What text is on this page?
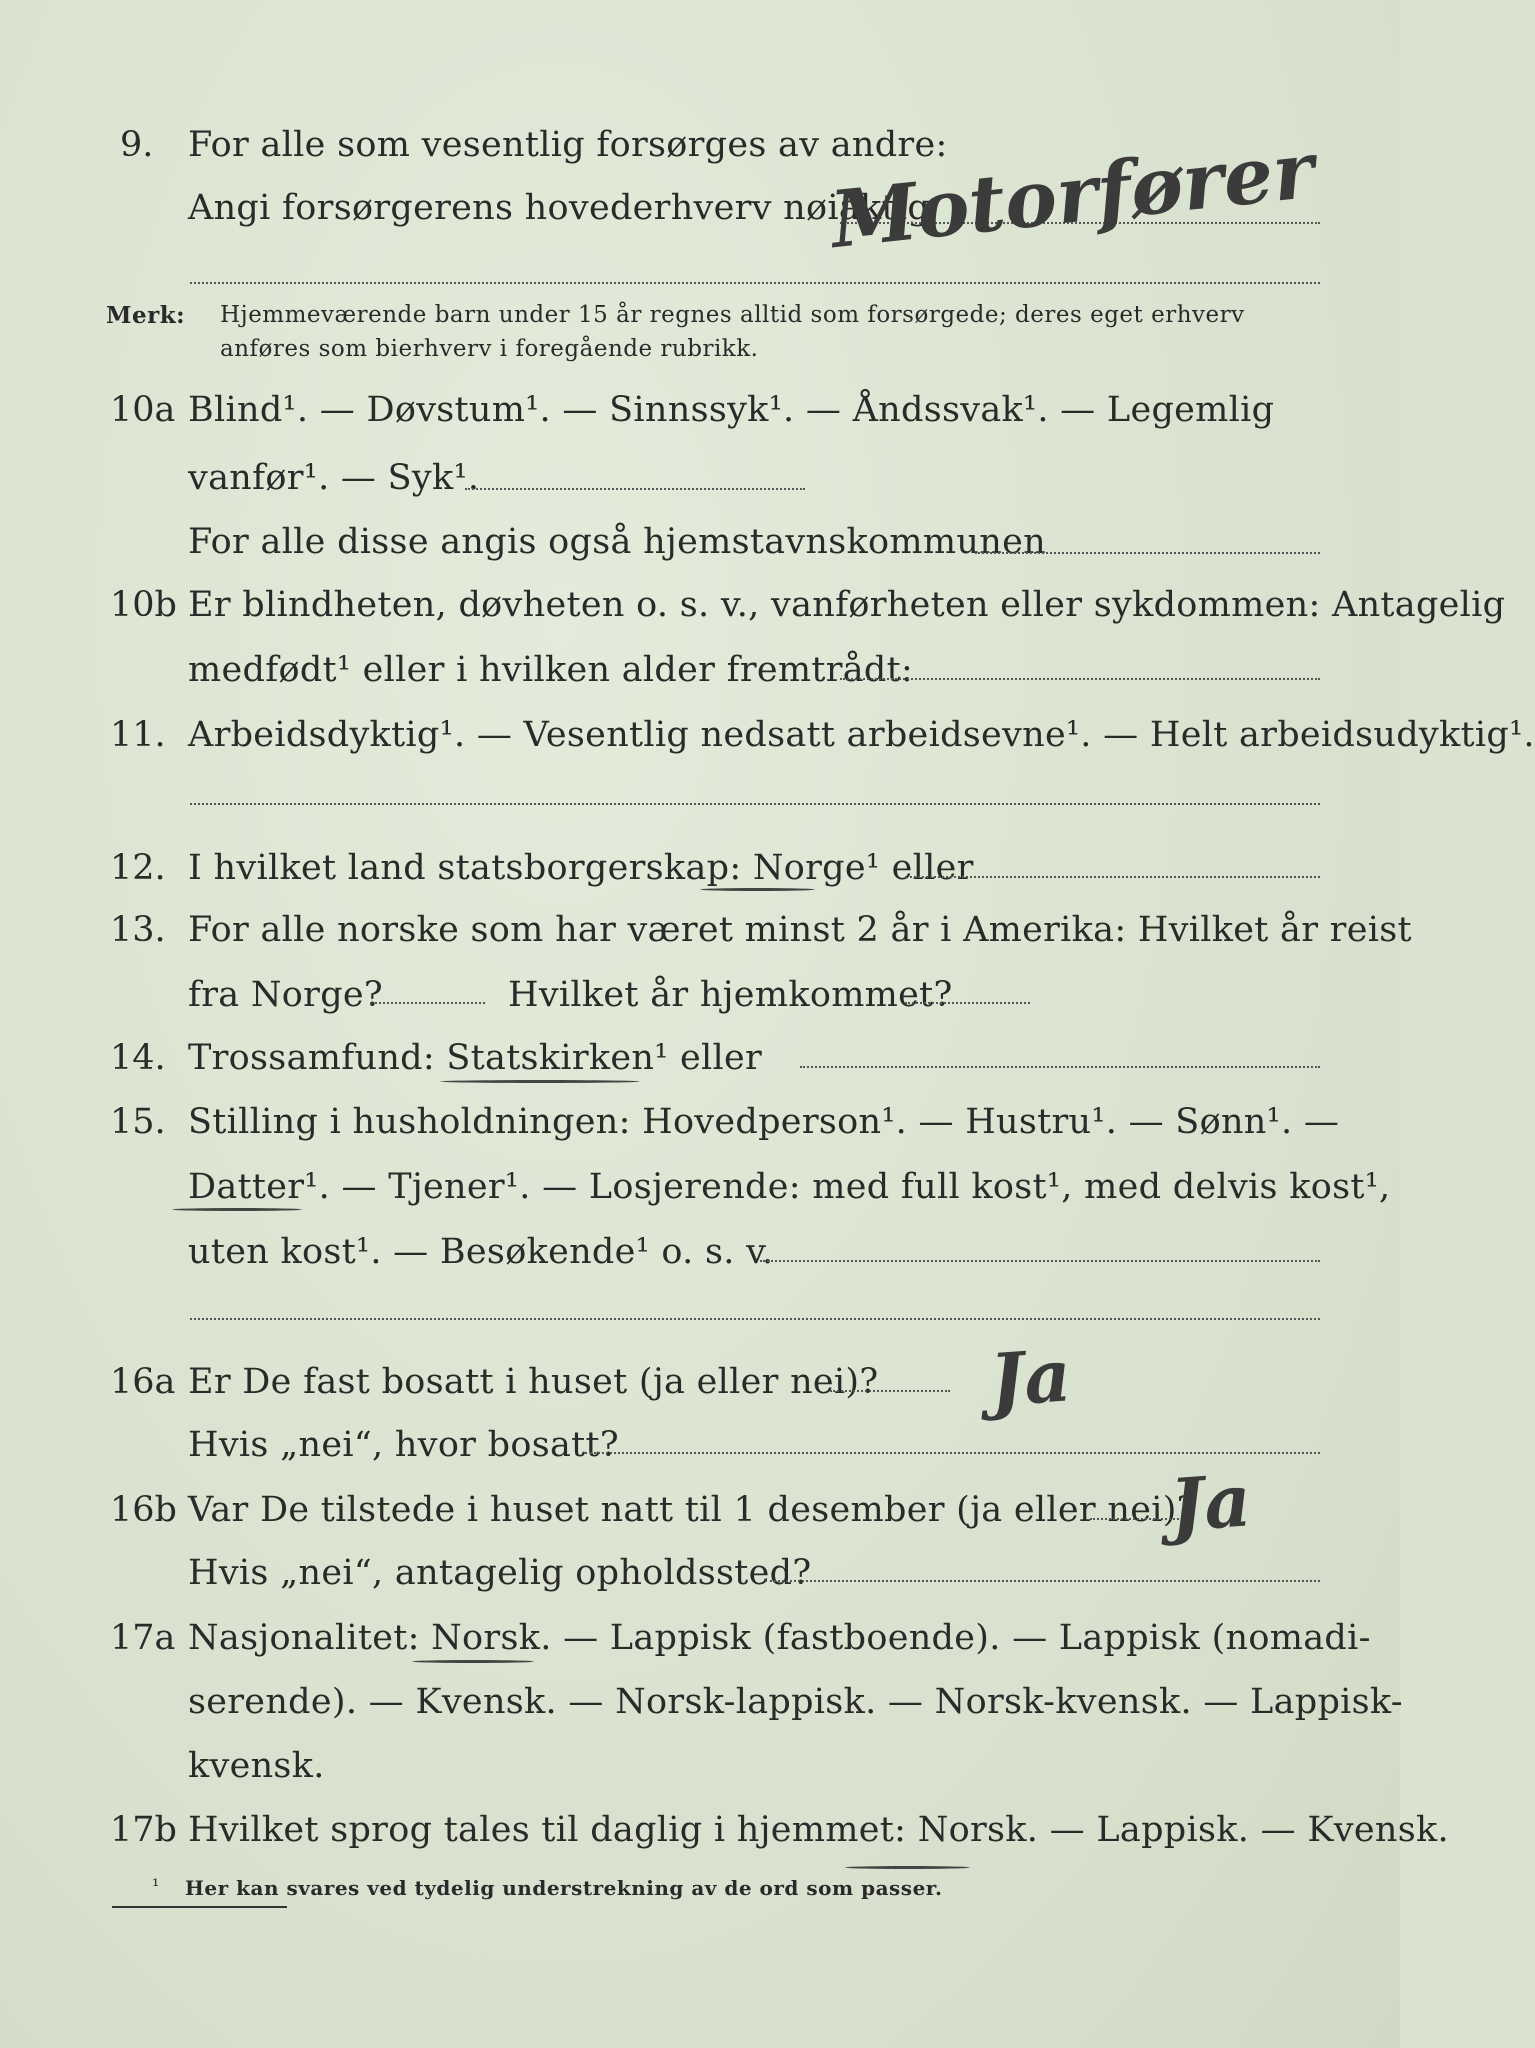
9. For alle som vesentlig forsørges av andre:
Angi forsørgerens hovederhverv nøiaktig
Motorfører
Merk: Hjemmeværende barn under 15 år regnes alltid som forsørgede; deres eget erhverv
anføres som bierhverv i foregående rubrikk.
10a Blind¹. — Døvstum¹. — Sinnssyk¹. — Åndssvak¹. — Legemlig
vanfør¹. — Syk¹.
For alle disse angis også hjemstavnskommunen
10b Er blindheten, døvheten o. s. v., vanførheten eller sykdommen: Antagelig
medfødt¹ eller i hvilken alder fremtrådt:
11. Arbeidsdyktig¹. — Vesentlig nedsatt arbeidsevne¹. — Helt arbeidsudyktig¹.
12. I hvilket land statsborgerskap: Norge¹ eller
13. For alle norske som har været minst 2 år i Amerika: Hvilket år reist
fra Norge?	Hvilket år hjemkommet?
14. Trossamfund: Statskirken¹ eller
15. Stilling i husholdningen: Hovedperson¹. — Hustru¹. — Sønn¹. —
Datter¹. — Tjener¹. — Losjerende: med full kost¹, med delvis kost¹,
uten kost¹. — Besøkende¹ o. s. v.
16a Er De fast bosatt i huset (ja eller nei)? Ja
Hvis „nei“, hvor bosatt?
16b Var De tilstede i huset natt til 1 desember (ja eller nei)?
Ja
Hvis „nei“, antagelig opholdssted?
17a Nasjonalitet: Norsk. — Lappisk (fastboende). — Lappisk (nomadi-
serende). — Kvensk. — Norsk-lappisk. — Norsk-kvensk. — Lappisk-
kvensk.
17b Hvilket sprog tales til daglig i hjemmet: Norsk. — Lappisk. — Kvensk.
¹ Her kan svares ved tydelig understrekning av de ord som passer.
